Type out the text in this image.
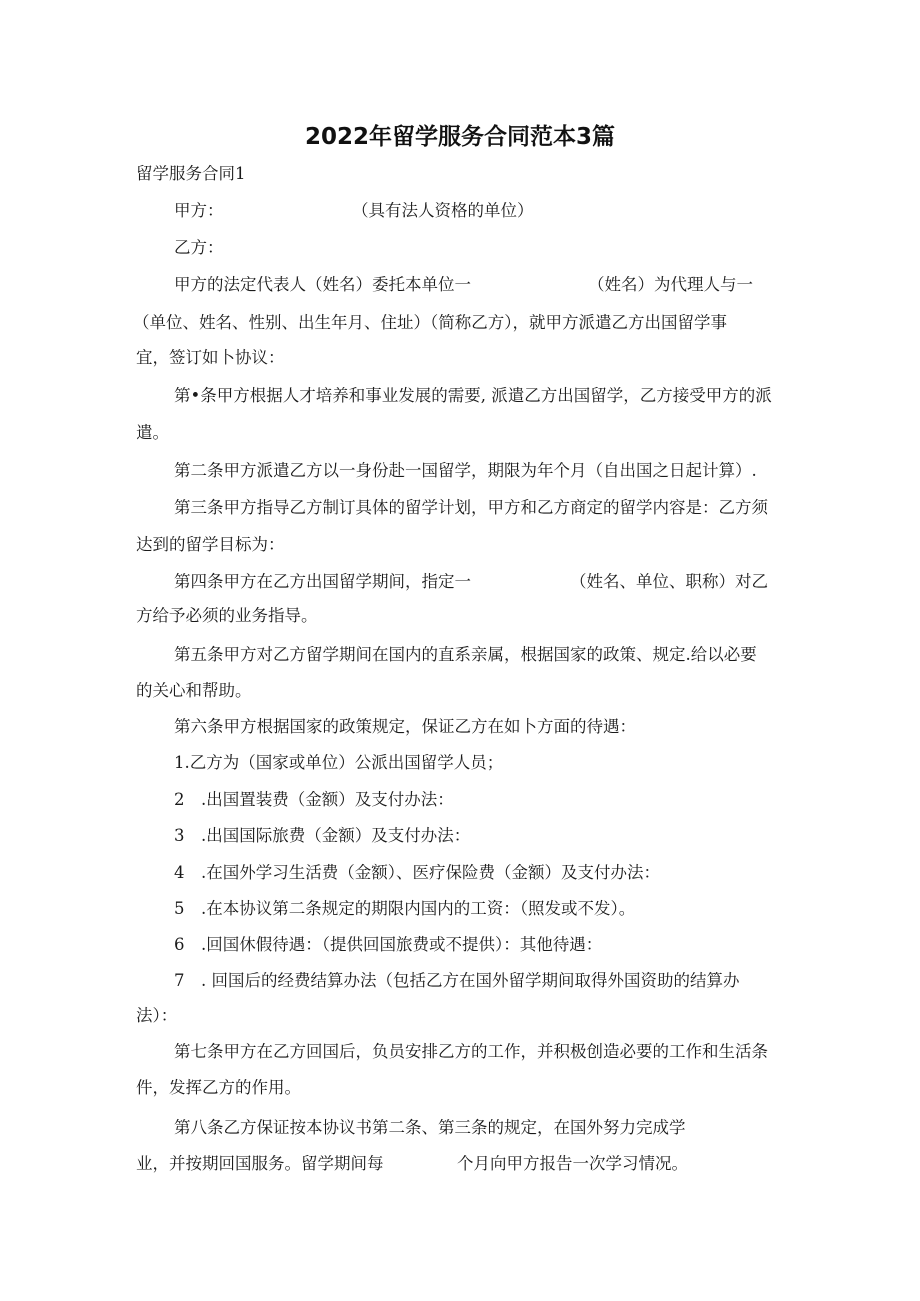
2022年留学服务合同范本3篇
留学服务合同1
甲方：	（具有法人资格的单位）
乙方：
甲方的法定代表人（姓名）委托本单位一	（姓名）为代理人与一
（单位、姓名、性别、出生年月、住址）（简称乙方），就甲方派遣乙方出国留学事
宜，签订如卜协议：
第•条甲方根据人才培养和事业发展的需要, 派遣乙方出国留学，乙方接受甲方的派
遣。
第二条甲方派遣乙方以一身份赴一国留学，期限为年个月（自出国之日起计算）.
第三条甲方指导乙方制订具体的留学计划，甲方和乙方商定的留学内容是：乙方须
达到的留学目标为：
第四条甲方在乙方出国留学期间，指定一	（姓名、单位、职称）对乙
方给予必须的业务指导。
第五条甲方对乙方留学期间在国内的直系亲属，根据国家的政策、规定.给以必要
的关心和帮助。
第六条甲方根据国家的政策规定，保证乙方在如卜方面的待遇：
1.乙方为（国家或单位）公派出国留学人员；
2　.出国置装费（金额）及支付办法：
3　.出国国际旅费（金额）及支付办法：
4　.在国外学习生活费（金额）、医疗保险费（金额）及支付办法：
5　.在本协议第二条规定的期限内国内的工资：（照发或不发）。
6　.回国休假待遇：（提供回国旅费或不提供）：其他待遇：
7　. 回国后的经费结算办法（包括乙方在国外留学期间取得外国资助的结算办
法）：
第七条甲方在乙方回国后，负员安排乙方的工作，并积极创造必要的工作和生活条
件，发挥乙方的作用。
第八条乙方保证按本协议书第二条、第三条的规定，在国外努力完成学
业，并按期回国服务。留学期间每	个月向甲方报告一次学习情况。
